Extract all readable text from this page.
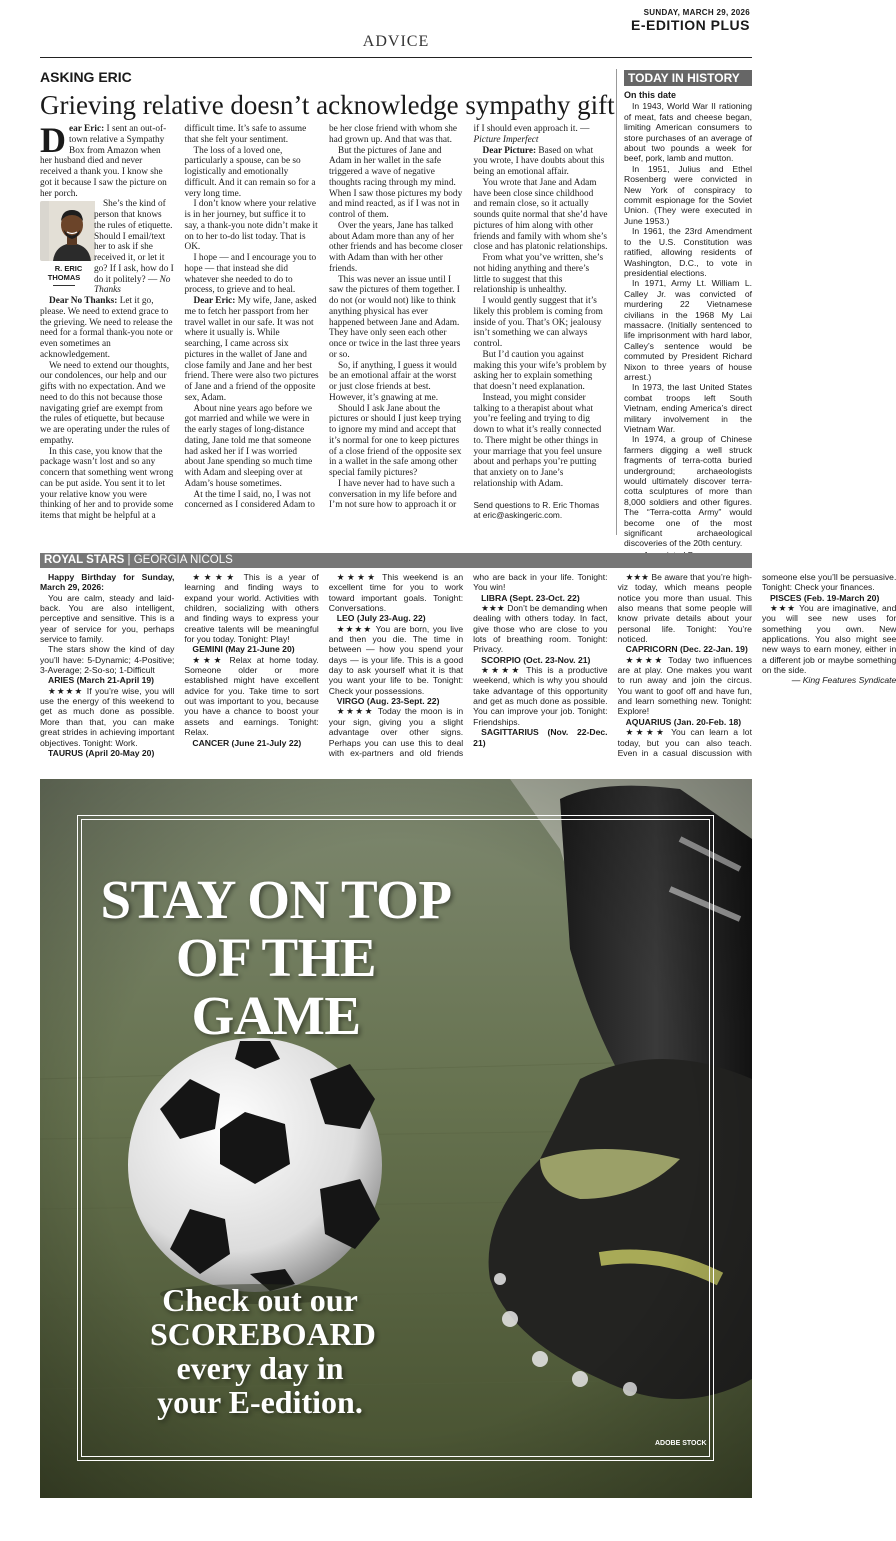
SUNDAY, MARCH 29, 2026
E-EDITION PLUS
ADVICE
ASKING ERIC
Grieving relative doesn’t acknowledge sympathy gift

Dear Eric: I sent an out-of-town relative a Sympathy Box from Amazon when her husband died and never received a thank you. I know she got it because I saw the picture on her porch.

R. ERIC THOMAS
She’s the kind of person that knows the rules of etiquette. Should I email/text her to ask if she received it, or let it go? If I ask, how do I do it politely? — No Thanks

Dear No Thanks: Let it go, please. We need to extend grace to the grieving. We need to release the need for a formal thank-you note or even sometimes an acknowledgement.

We need to extend our thoughts, our condolences, our help and our gifts with no expectation. And we need to do this not because those navigating grief are exempt from the rules of etiquette, but because we are operating under the rules of empathy.

In this case, you know that the package wasn’t lost and so any concern that something went wrong can be put aside. You sent it to let your relative know you were thinking of her and to provide some items that might be helpful at a difficult time. It’s safe to assume that she felt your sentiment.

The loss of a loved one, particularly a spouse, can be so logistically and emotionally difficult. And it can remain so for a very long time.

I don’t know where your relative is in her journey, but suffice it to say, a thank-you note didn’t make it on to her to-do list today. That is OK.

I hope — and I encourage you to hope — that instead she did whatever she needed to do to process, to grieve and to heal.

Dear Eric: My wife, Jane, asked me to fetch her passport from her travel wallet in our safe. It was not where it usually is. While searching, I came across six pictures in the wallet of Jane and close family and Jane and her best friend. There were also two pictures of Jane and a friend of the opposite sex, Adam.

About nine years ago before we got married and while we were in the early stages of long-distance dating, Jane told me that someone had asked her if I was worried about Jane spending so much time with Adam and sleeping over at Adam’s house sometimes.

At the time I said, no, I was not concerned as I considered Adam to be her close friend with whom she had grown up. And that was that.

But the pictures of Jane and Adam in her wallet in the safe triggered a wave of negative thoughts racing through my mind. When I saw those pictures my body and mind reacted, as if I was not in control of them.

Over the years, Jane has talked about Adam more than any of her other friends and has become closer with Adam than with her other friends.

This was never an issue until I saw the pictures of them together. I do not (or would not) like to think anything physical has ever happened between Jane and Adam. They have only seen each other once or twice in the last three years or so.

So, if anything, I guess it would be an emotional affair at the worst or just close friends at best. However, it’s gnawing at me.

Should I ask Jane about the pictures or should I just keep trying to ignore my mind and accept that it’s normal for one to keep pictures of a close friend of the opposite sex in a wallet in the safe among other special family pictures?

I have never had to have such a conversation in my life before and I’m not sure how to approach it or if I should even approach it. — Picture Imperfect

Dear Picture: Based on what you wrote, I have doubts about this being an emotional affair.

You wrote that Jane and Adam have been close since childhood and remain close, so it actually sounds quite normal that she’d have pictures of him along with other friends and family with whom she’s close and has platonic relationships.

From what you’ve written, she’s not hiding anything and there’s little to suggest that this relationship is unhealthy.

I would gently suggest that it’s likely this problem is coming from inside of you. That’s OK; jealousy isn’t something we can always control.

But I’d caution you against making this your wife’s problem by asking her to explain something that doesn’t need explanation.

Instead, you might consider talking to a therapist about what you’re feeling and trying to dig down to what it’s really connected to. There might be other things in your marriage that you feel unsure about and perhaps you’re putting that anxiety on to Jane’s relationship with Adam.

Send questions to R. Eric Thomas at eric@askingeric.com.

TODAY IN HISTORY
On this date

In 1943, World War II rationing of meat, fats and cheese began, limiting American consumers to store purchases of an average of about two pounds a week for beef, pork, lamb and mutton.

In 1951, Julius and Ethel Rosenberg were convicted in New York of conspiracy to commit espionage for the Soviet Union. (They were executed in June 1953.)

In 1961, the 23rd Amendment to the U.S. Constitution was ratified, allowing residents of Washington, D.C., to vote in presidential elections.

In 1971, Army Lt. William L. Calley Jr. was convicted of murdering 22 Vietnamese civilians in the 1968 My Lai massacre. (Initially sentenced to life imprisonment with hard labor, Calley’s sentence would be commuted by President Richard Nixon to three years of house arrest.)

In 1973, the last United States combat troops left South Vietnam, ending America’s direct military involvement in the Vietnam War.

In 1974, a group of Chinese farmers digging a well struck fragments of terra-cotta buried underground; archaeologists would ultimately discover terra-cotta sculptures of more than 8,000 soldiers and other figures. The “Terra-cotta Army” would become one of the most significant archaeological discoveries of the 20th century.

ROYAL STARS | GEORGIA NICOLS

Happy Birthday for Sunday, March 29, 2026:

You are calm, steady and laid-back. You are also intelligent, perceptive and sensitive. This is a year of service for you, perhaps service to family.

The stars show the kind of day you’ll have: 5-Dynamic; 4-Positive; 3-Average; 2-So-so; 1-Difficult

ARIES (March 21-April 19)

★★★★ If you’re wise, you will use the energy of this weekend to get as much done as possible. More than that, you can make great strides in achieving important objectives. Tonight: Work.

TAURUS (April 20-May 20)

★★★★ This is a year of learning and finding ways to expand your world. Activities with children, socializing with others and finding ways to express your creative talents will be meaningful for you today. Tonight: Play!

GEMINI (May 21-June 20)

★★★ Relax at home today. Someone older or more established might have excellent advice for you. Take time to sort out was important to you, because you have a chance to boost your assets and earnings. Tonight: Relax.

CANCER (June 21-July 22)

★★★★ This weekend is an excellent time for you to work toward important goals. Tonight: Conversations.

LEO (July 23-Aug. 22)

★★★★ You are born, you live and then you die. The time in between — how you spend your days — is your life. This is a good day to ask yourself what it is that you want your life to be. Tonight: Check your possessions.

VIRGO (Aug. 23-Sept. 22)

★★★★ Today the moon is in your sign, giving you a slight advantage over other signs. Perhaps you can use this to deal with ex-partners and old friends who are back in your life. Tonight: You win!

LIBRA (Sept. 23-Oct. 22)

★★★ Don’t be demanding when dealing with others today. In fact, give those who are close to you lots of breathing room. Tonight: Privacy.

SCORPIO (Oct. 23-Nov. 21)

★★★★ This is a productive weekend, which is why you should take advantage of this opportunity and get as much done as possible. You can improve your job. Tonight: Friendships.

SAGITTARIUS (Nov. 22-Dec. 21)

★★★ Be aware that you’re high-viz today, which means people notice you more than usual. This also means that some people will know private details about your personal life. Tonight: You’re noticed.

CAPRICORN (Dec. 22-Jan. 19)

★★★★ Today two influences are at play. One makes you want to run away and join the circus. You want to goof off and have fun, and learn something new. Tonight: Explore!

AQUARIUS (Jan. 20-Feb. 18)

★★★★ You can learn a lot today, but you can also teach. Even in a casual discussion with someone else you’ll be persuasive. Tonight: Check your finances.

PISCES (Feb. 19-March 20)

★★★ You are imaginative, and you will see new uses for something you own. New applications. You also might see new ways to earn money, either in a different job or maybe something on the side.

— King Features Syndicate

STAY ON TOP
OF THE GAME
Check out our
SCOREBOARD
every day in
your E-edition.
ADOBE STOCK
